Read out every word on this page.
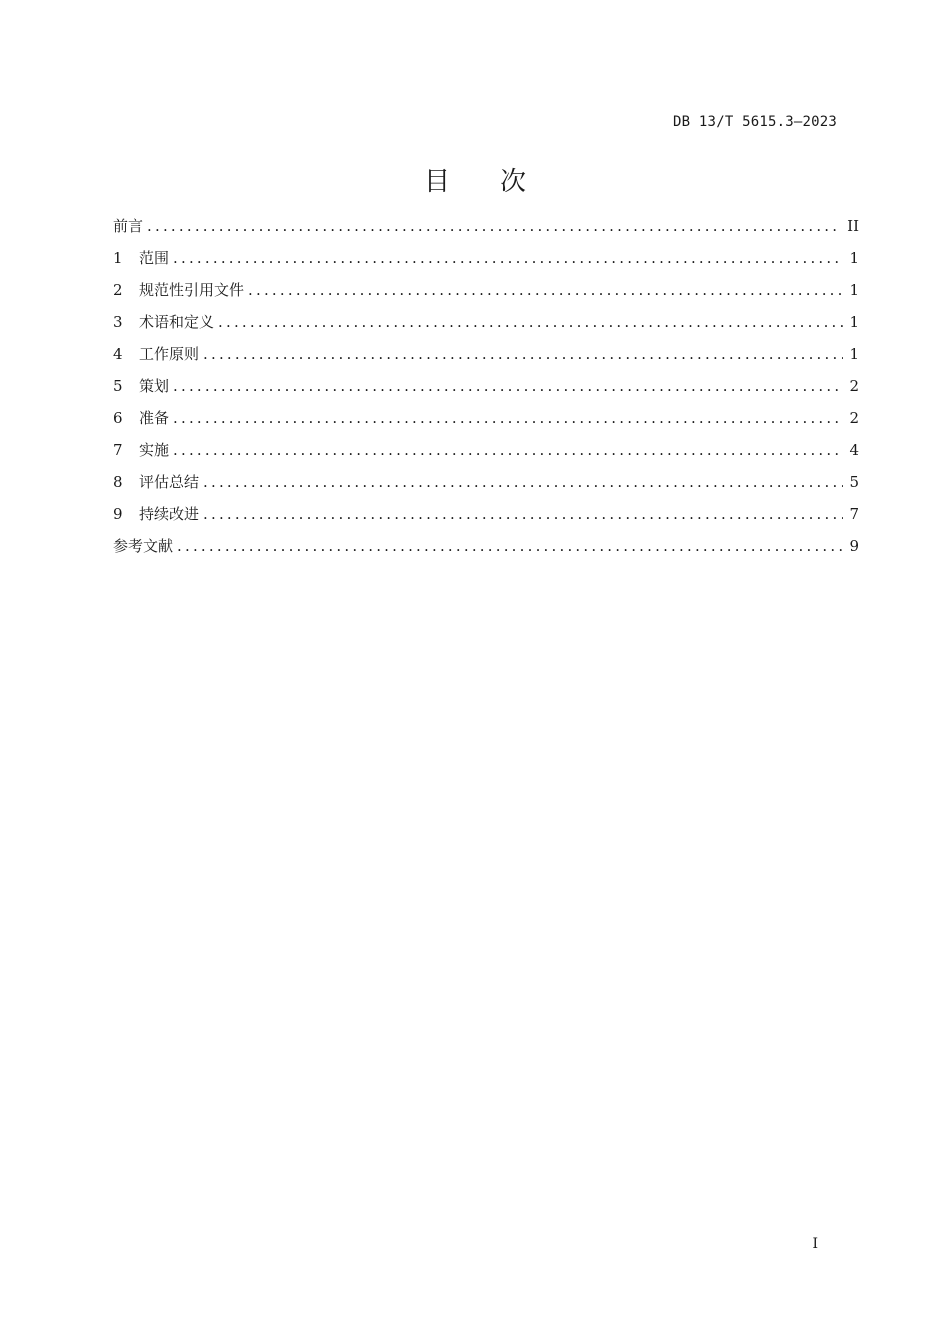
DB 13/T 5615.3—2023
目 次
前言 .....	II
1	范围 .....	1
2	规范性引用文件 .....	1
3	术语和定义 .....	1
4	工作原则 .....	1
5	策划 .....	2
6	准备 .....	2
7	实施 .....	4
8	评估总结 .....	5
9	持续改进 .....	7
参考文献 .....	9
I
